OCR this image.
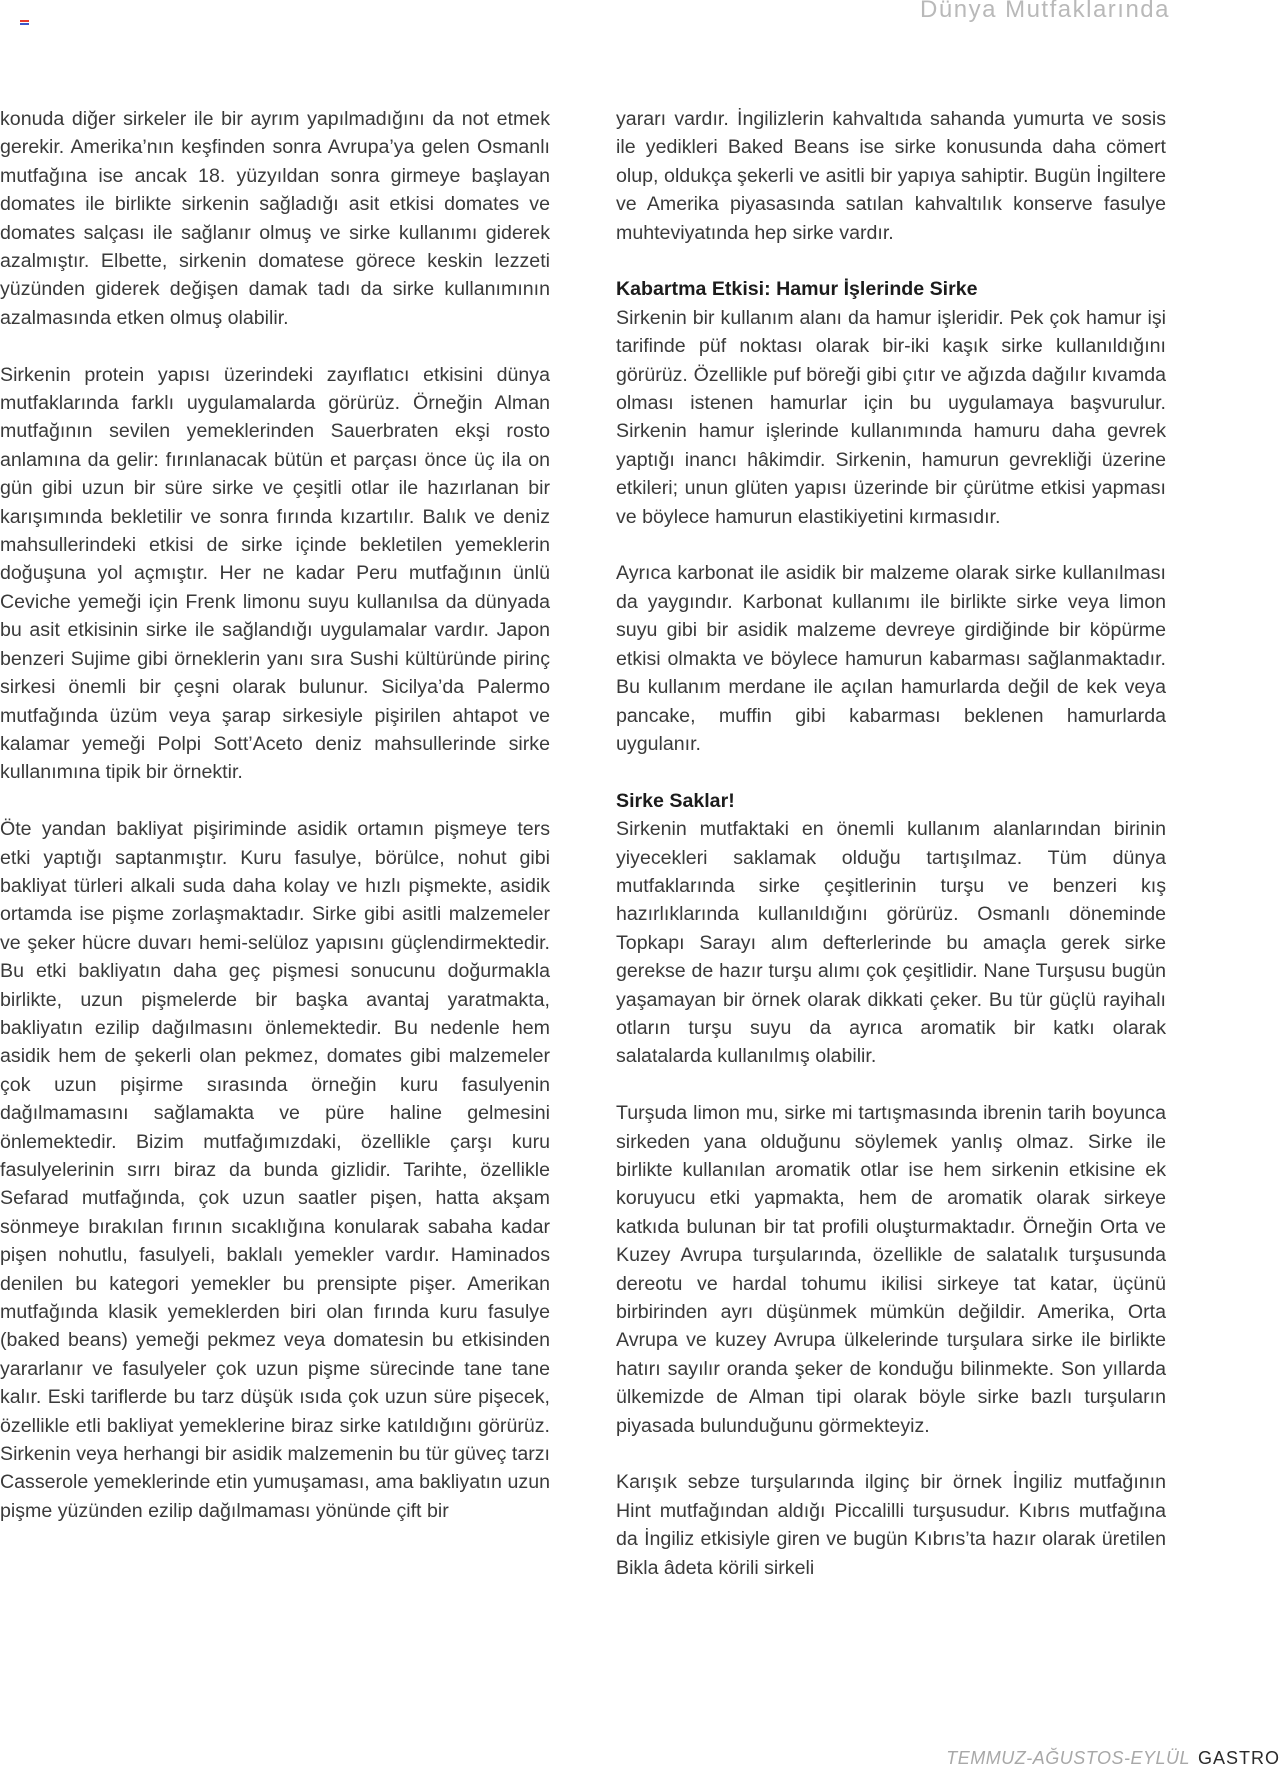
Dünya Mutfaklarında

konuda diğer sirkeler ile bir ayrım yapılmadığını da not etmek gerekir. Amerika’nın keşfinden sonra Avrupa’ya gelen Osmanlı mutfağına ise ancak 18. yüzyıldan sonra girmeye başlayan domates ile birlikte sirkenin sağladığı asit etkisi domates ve domates salçası ile sağlanır olmuş ve sirke kullanımı giderek azalmıştır. Elbette, sirkenin domatese görece keskin lezzeti yüzünden giderek değişen damak tadı da sirke kullanımının azalmasında etken olmuş olabilir.

Sirkenin protein yapısı üzerindeki zayıflatıcı etkisini dünya mutfaklarında farklı uygulamalarda görürüz. Örneğin Alman mutfağının sevilen yemeklerinden Sauerbraten ekşi rosto anlamına da gelir: fırınlanacak bütün et parçası önce üç ila on gün gibi uzun bir süre sirke ve çeşitli otlar ile hazırlanan bir karışımında bekletilir ve sonra fırında kızartılır. Balık ve deniz mahsullerindeki etkisi de sirke içinde bekletilen yemeklerin doğuşuna yol açmıştır. Her ne kadar Peru mutfağının ünlü Ceviche yemeği için Frenk limonu suyu kullanılsa da dünyada bu asit etkisinin sirke ile sağlandığı uygulamalar vardır. Japon benzeri Sujime gibi örneklerin yanı sıra Sushi kültüründe pirinç sirkesi önemli bir çeşni olarak bulunur. Sicilya’da Palermo mutfağında üzüm veya şarap sirkesiyle pişirilen ahtapot ve kalamar yemeği Polpi Sott’Aceto deniz mahsullerinde sirke kullanımına tipik bir örnektir.

Öte yandan bakliyat pişiriminde asidik ortamın pişmeye ters etki yaptığı saptanmıştır. Kuru fasulye, börülce, nohut gibi bakliyat türleri alkali suda daha kolay ve hızlı pişmekte, asidik ortamda ise pişme zorlaşmaktadır. Sirke gibi asitli malzemeler ve şeker hücre duvarı hemi-selüloz yapısını güçlendirmektedir. Bu etki bakliyatın daha geç pişmesi sonucunu doğurmakla birlikte, uzun pişmelerde bir başka avantaj yaratmakta, bakliyatın ezilip dağılmasını önlemektedir. Bu nedenle hem asidik hem de şekerli olan pekmez, domates gibi malzemeler çok uzun pişirme sırasında örneğin kuru fasulyenin dağılmamasını sağlamakta ve püre haline gelmesini önlemektedir. Bizim mutfağımızdaki, özellikle çarşı kuru fasulyelerinin sırrı biraz da bunda gizlidir. Tarihte, özellikle Sefarad mutfağında, çok uzun saatler pişen, hatta akşam sönmeye bırakılan fırının sıcaklığına konularak sabaha kadar pişen nohutlu, fasulyeli, baklalı yemekler vardır. Haminados denilen bu kategori yemekler bu prensipte pişer. Amerikan mutfağında klasik yemeklerden biri olan fırında kuru fasulye (baked beans) yemeği pekmez veya domatesin bu etkisinden yararlanır ve fasulyeler çok uzun pişme sürecinde tane tane kalır. Eski tariflerde bu tarz düşük ısıda çok uzun süre pişecek, özellikle etli bakliyat yemeklerine biraz sirke katıldığını görürüz. Sirkenin veya herhangi bir asidik malzemenin bu tür güveç tarzı Casserole yemeklerinde etin yumuşaması, ama bakliyatın uzun pişme yüzünden ezilip dağılmaması yönünde çift bir

yararı vardır. İngilizlerin kahvaltıda sahanda yumurta ve sosis ile yedikleri Baked Beans ise sirke konusunda daha cömert olup, oldukça şekerli ve asitli bir yapıya sahiptir. Bugün İngiltere ve Amerika piyasasında satılan kahvaltılık konserve fasulye muhteviyatında hep sirke vardır.

Kabartma Etkisi: Hamur İşlerinde Sirke

Sirkenin bir kullanım alanı da hamur işleridir. Pek çok hamur işi tarifinde püf noktası olarak bir-iki kaşık sirke kullanıldığını görürüz. Özellikle puf böreği gibi çıtır ve ağızda dağılır kıvamda olması istenen hamurlar için bu uygulamaya başvurulur. Sirkenin hamur işlerinde kullanımında hamuru daha gevrek yaptığı inancı hâkimdir. Sirkenin, hamurun gevrekliği üzerine etkileri; unun glüten yapısı üzerinde bir çürütme etkisi yapması ve böylece hamurun elastikiyetini kırmasıdır.

Ayrıca karbonat ile asidik bir malzeme olarak sirke kullanılması da yaygındır. Karbonat kullanımı ile birlikte sirke veya limon suyu gibi bir asidik malzeme devreye girdiğinde bir köpürme etkisi olmakta ve böylece hamurun kabarması sağlanmaktadır. Bu kullanım merdane ile açılan hamurlarda değil de kek veya pancake, muffin gibi kabarması beklenen hamurlarda uygulanır.

Sirke Saklar!

Sirkenin mutfaktaki en önemli kullanım alanlarından birinin yiyecekleri saklamak olduğu tartışılmaz. Tüm dünya mutfaklarında sirke çeşitlerinin turşu ve benzeri kış hazırlıklarında kullanıldığını görürüz. Osmanlı döneminde Topkapı Sarayı alım defterlerinde bu amaçla gerek sirke gerekse de hazır turşu alımı çok çeşitlidir. Nane Turşusu bugün yaşamayan bir örnek olarak dikkati çeker. Bu tür güçlü rayihalı otların turşu suyu da ayrıca aromatik bir katkı olarak salatalarda kullanılmış olabilir.

Turşuda limon mu, sirke mi tartışmasında ibrenin tarih boyunca sirkeden yana olduğunu söylemek yanlış olmaz. Sirke ile birlikte kullanılan aromatik otlar ise hem sirkenin etkisine ek koruyucu etki yapmakta, hem de aromatik olarak sirkeye katkıda bulunan bir tat profili oluşturmaktadır. Örneğin Orta ve Kuzey Avrupa turşularında, özellikle de salatalık turşusunda dereotu ve hardal tohumu ikilisi sirkeye tat katar, üçünü birbirinden ayrı düşünmek mümkün değildir. Amerika, Orta Avrupa ve kuzey Avrupa ülkelerinde turşulara sirke ile birlikte hatırı sayılır oranda şeker de konduğu bilinmekte. Son yıllarda ülkemizde de Alman tipi olarak böyle sirke bazlı turşuların piyasada bulunduğunu görmekteyiz.

Karışık sebze turşularında ilginç bir örnek İngiliz mutfağının Hint mutfağından aldığı Piccalilli turşusudur. Kıbrıs mutfağına da İngiliz etkisiyle giren ve bugün Kıbrıs’ta hazır olarak üretilen Bikla âdeta körili sirkeli

TEMMUZ-AĞUSTOS-EYLÜL GASTRO
